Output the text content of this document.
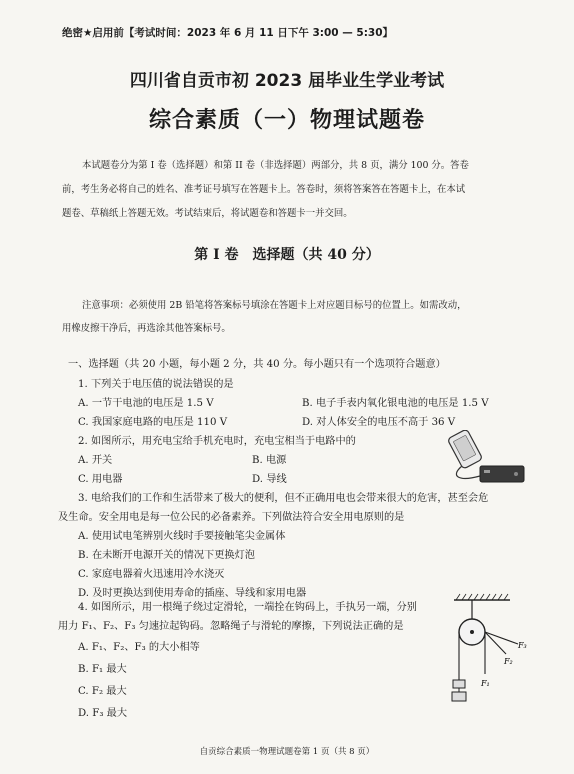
绝密★启用前【考试时间：2023 年 6 月 11 日下午 3:00 — 5:30】
四川省自贡市初 2023 届毕业生学业考试
综合素质（一）物理试题卷
本试题卷分为第 I 卷（选择题）和第 II 卷（非选择题）两部分，共 8 页，满分 100 分。答卷
前，考生务必将自己的姓名、准考证号填写在答题卡上。答卷时，须将答案答在答题卡上，在本试
题卷、草稿纸上答题无效。考试结束后，将试题卷和答题卡一并交回。
第 I 卷　选择题（共 40 分）
注意事项：必须使用 2B 铅笔将答案标号填涂在答题卡上对应题目标号的位置上。如需改动，
用橡皮擦干净后，再选涂其他答案标号。
一、选择题（共 20 小题，每小题 2 分，共 40 分。每小题只有一个选项符合题意）
1. 下列关于电压值的说法错误的是
A. 一节干电池的电压是 1.5 V	B. 电子手表内氧化银电池的电压是 1.5 V
C. 我国家庭电路的电压是 110 V	D. 对人体安全的电压不高于 36 V
2. 如图所示，用充电宝给手机充电时，充电宝相当于电路中的
A. 开关	B. 电源
C. 用电器	D. 导线
3. 电给我们的工作和生活带来了极大的便利，但不正确用电也会带来很大的危害，甚至会危
及生命。安全用电是每一位公民的必备素养。下列做法符合安全用电原则的是
A. 使用试电笔辨别火线时手要接触笔尖金属体
B. 在未断开电源开关的情况下更换灯泡
C. 家庭电器着火迅速用冷水浇灭
D. 及时更换达到使用寿命的插座、导线和家用电器
4. 如图所示，用一根绳子绕过定滑轮，一端拴在钩码上，手执另一端，分别
用力 F₁、F₂、F₃ 匀速拉起钩码。忽略绳子与滑轮的摩擦，下列说法正确的是
A. F₁、F₂、F₃ 的大小相等
B. F₁ 最大
C. F₂ 最大
D. F₃ 最大
F₁
F₂
F₃
自贡综合素质一物理试题卷第 1 页（共 8 页）
